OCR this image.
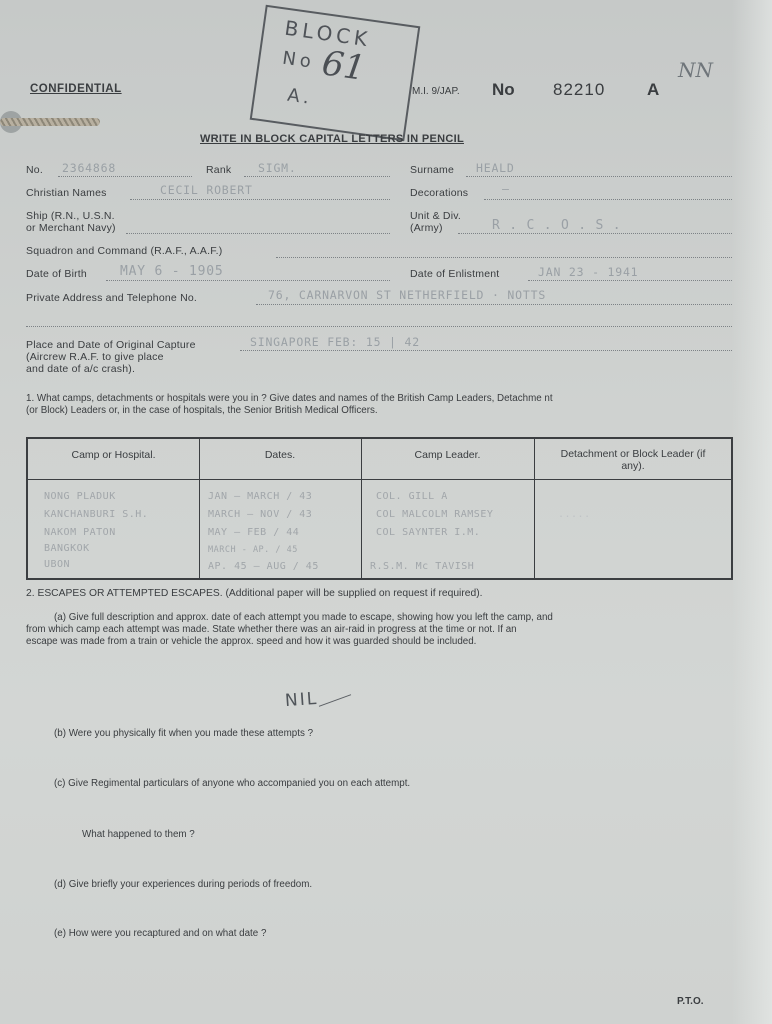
CONFIDENTIAL
BLOCK
No 61
A.	M.I. 9/JAP. No 82210 A
NN
WRITE IN BLOCK CAPITAL LETTERS IN PENCIL
No. 2364868	Rank SIGM.	Surname HEALD
Christian Names	CECIL ROBERT	Decorations	—
Ship (R.N., U.S.N.
or Merchant Navy)
Unit & Div.
(Army)	R . C . O . S .
Squadron and Command (R.A.F., A.A.F.)
Date of Birth	MAY 6 - 1905	Date of Enlistment	JAN 23 - 1941
Private Address and Telephone No.	76, CARNARVON ST NETHERFIELD · NOTTS
Place and Date of Original Capture
(Aircrew R.A.F. to give place
and date of a/c crash).
SINGAPORE FEB: 15 | 42
1. What camps, detachments or hospitals were you in ? Give dates and names of the British Camp Leaders, Detachme nt
(or Block) Leaders or, in the case of hospitals, the Senior British Medical Officers.
Camp or Hospital.	Dates.	Camp Leader.	Detachment or Block Leader (if any).
NONG PLADUK	JAN — MARCH / 43	COL. GILL A
KANCHANBURI S.H.	MARCH — NOV / 43	COL MALCOLM RAMSEY	.....
NAKOM PATON	MAY — FEB / 44	COL SAYNTER I.M.
BANGKOK	MARCH - AP. / 45
UBON	AP. 45 — AUG / 45	R.S.M. Mc TAVISH
2. ESCAPES OR ATTEMPTED ESCAPES. (Additional paper will be supplied on request if required).
(a) Give full description and approx. date of each attempt you made to escape, showing how you left the camp, and
from which camp each attempt was made. State whether there was an air-raid in progress at the time or not. If an
escape was made from a train or vehicle the approx. speed and how it was guarded should be included.
NIL
(b) Were you physically fit when you made these attempts ?
(c) Give Regimental particulars of anyone who accompanied you on each attempt.
What happened to them ?
(d) Give briefly your experiences during periods of freedom.
(e) How were you recaptured and on what date ?
P.T.O.
